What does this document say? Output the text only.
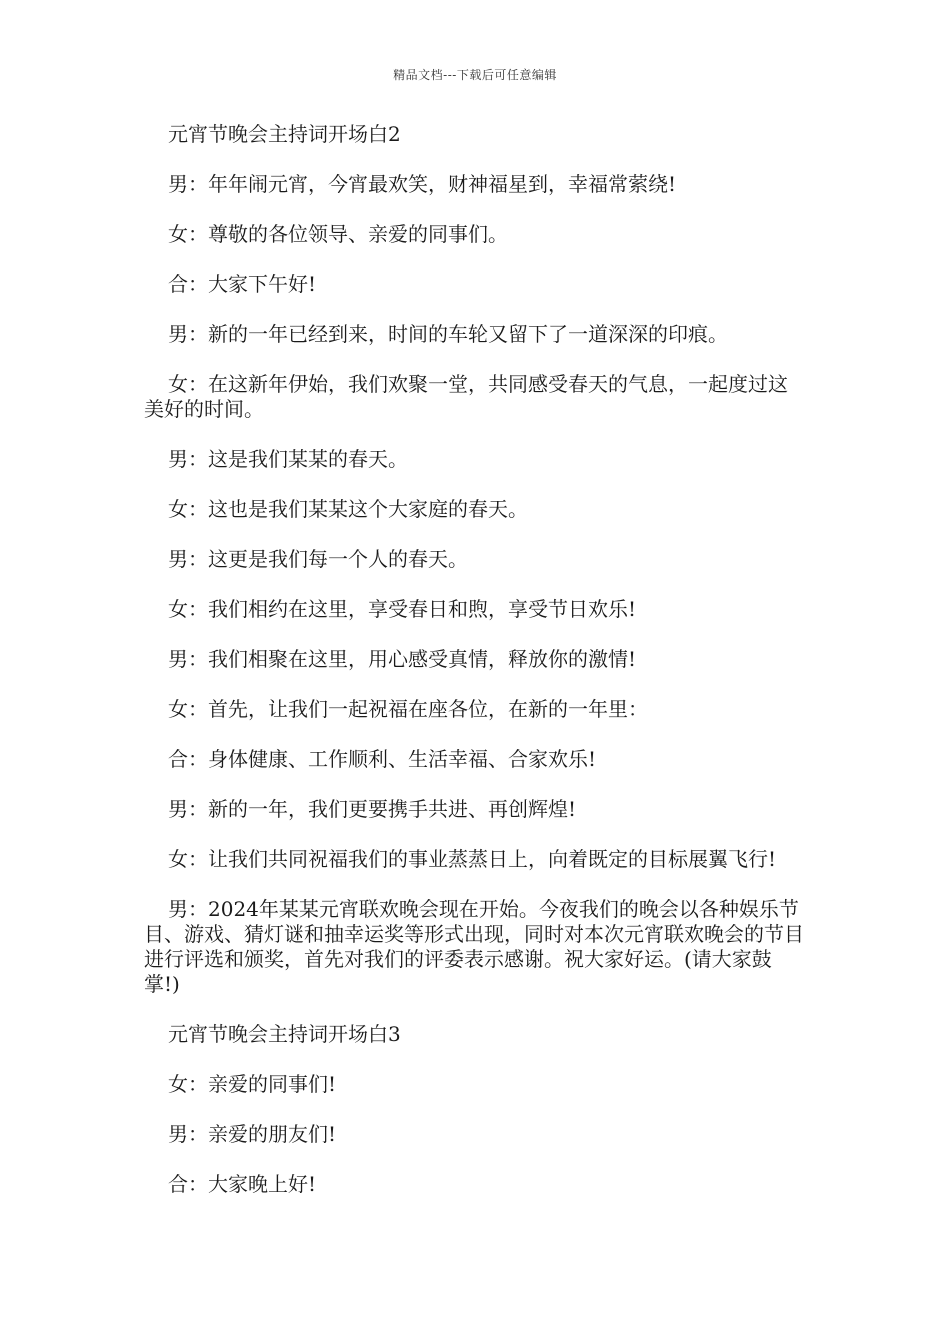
精品文档---下载后可任意编辑

元宵节晚会主持词开场白2

男：年年闹元宵，今宵最欢笑，财神福星到，幸福常萦绕!

女：尊敬的各位领导、亲爱的同事们。

合：大家下午好!

男：新的一年已经到来，时间的车轮又留下了一道深深的印痕。

女：在这新年伊始，我们欢聚一堂，共同感受春天的气息，一起度过这美好的时间。

男：这是我们某某的春天。

女：这也是我们某某这个大家庭的春天。

男：这更是我们每一个人的春天。

女：我们相约在这里，享受春日和煦，享受节日欢乐!

男：我们相聚在这里，用心感受真情，释放你的激情!

女：首先，让我们一起祝福在座各位，在新的一年里：

合：身体健康、工作顺利、生活幸福、合家欢乐!

男：新的一年，我们更要携手共进、再创辉煌!

女：让我们共同祝福我们的事业蒸蒸日上，向着既定的目标展翼飞行!

男：2024年某某元宵联欢晚会现在开始。今夜我们的晚会以各种娱乐节目、游戏、猜灯谜和抽幸运奖等形式出现，同时对本次元宵联欢晚会的节目进行评选和颁奖，首先对我们的评委表示感谢。祝大家好运。(请大家鼓掌!)

元宵节晚会主持词开场白3

女：亲爱的同事们!

男：亲爱的朋友们!

合：大家晚上好!
